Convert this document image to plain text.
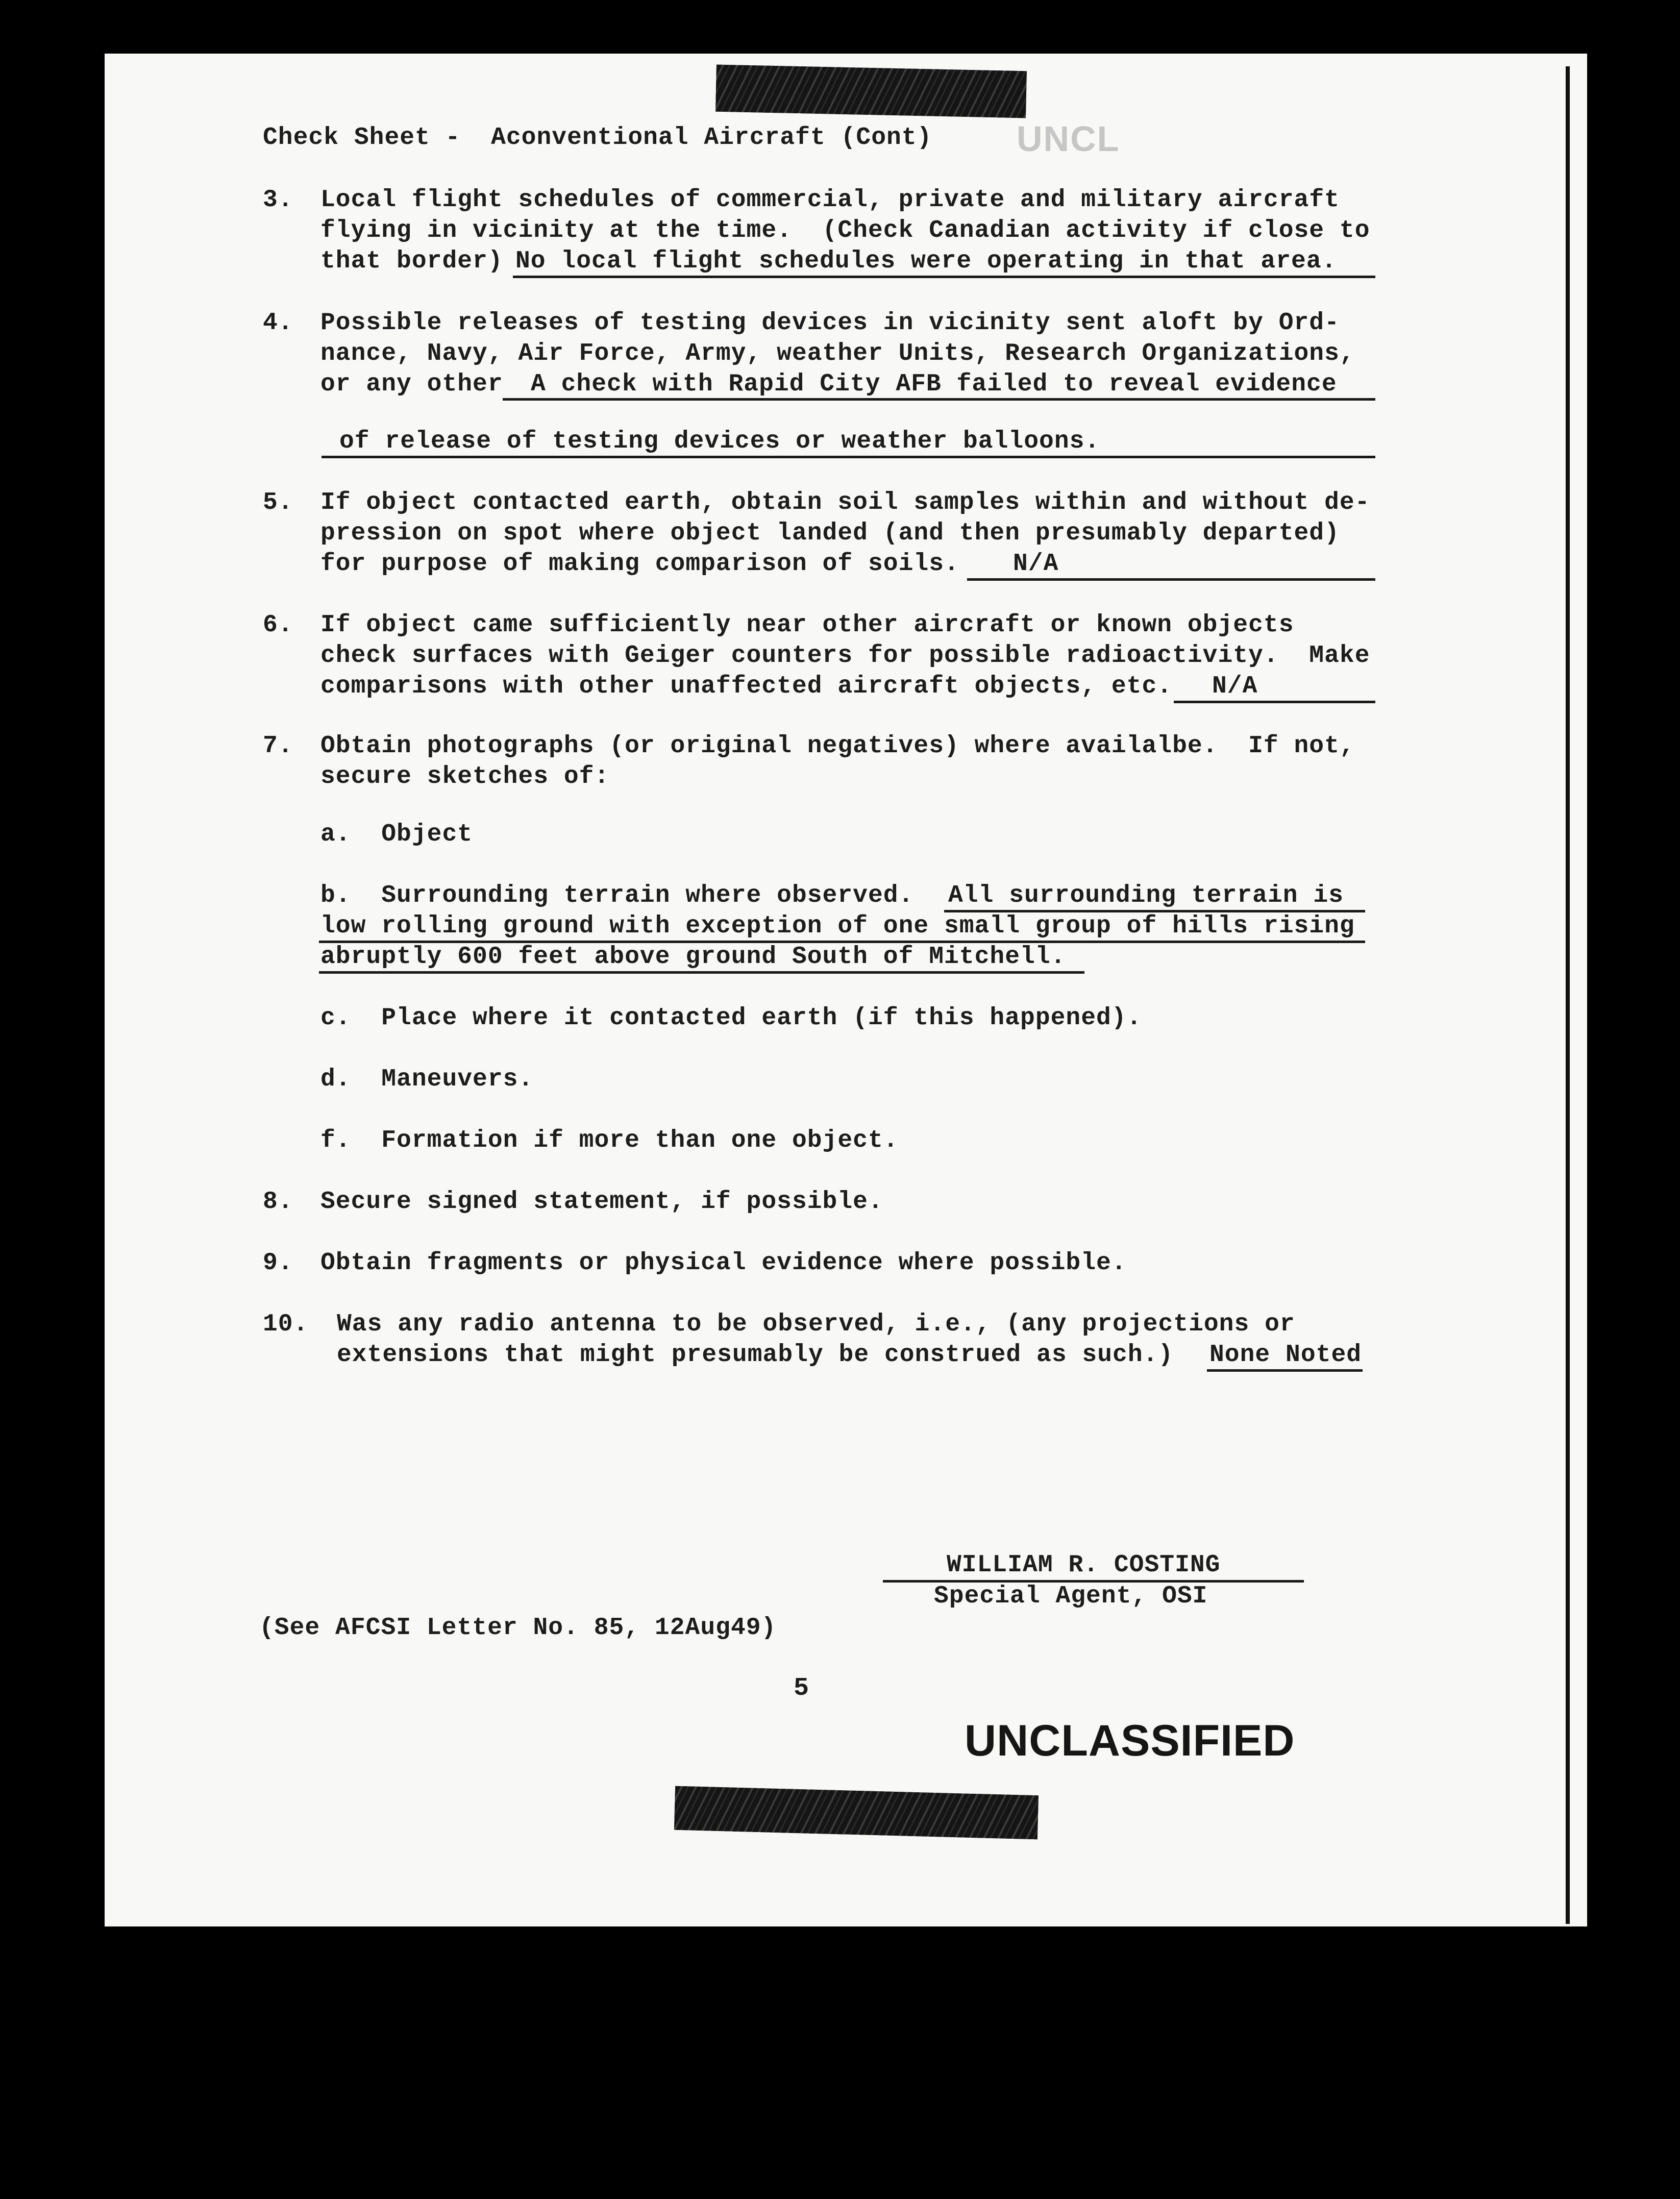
UNCL
Check Sheet -  Aconventional Aircraft (Cont)
3. Local flight schedules of commercial, private and military aircraft
flying in vicinity at the time.  (Check Canadian activity if close to
that border) No local flight schedules were operating in that area.
4. Possible releases of testing devices in vicinity sent aloft by Ord-
nance, Navy, Air Force, Army, weather Units, Research Organizations,
or any other A check with Rapid City AFB failed to reveal evidence
of release of testing devices or weather balloons.
5. If object contacted earth, obtain soil samples within and without de-
pression on spot where object landed (and then presumably departed)
for purpose of making comparison of soils. N/A
6. If object came sufficiently near other aircraft or known objects
check surfaces with Geiger counters for possible radioactivity.  Make
comparisons with other unaffected aircraft objects, etc. N/A
7. Obtain photographs (or original negatives) where availalbe.  If not,
secure sketches of:
a.  Object
b.  Surrounding terrain where observed. All surrounding terrain is
low rolling ground with exception of one small group of hills rising
abruptly 600 feet above ground South of Mitchell.
c.  Place where it contacted earth (if this happened).
d.  Maneuvers.
f.  Formation if more than one object.
8. Secure signed statement, if possible.
9. Obtain fragments or physical evidence where possible.
10. Was any radio antenna to be observed, i.e., (any projections or
extensions that might presumably be construed as such.) None Noted
WILLIAM R. COSTING
Special Agent, OSI
(See AFCSI Letter No. 85, 12Aug49)
5
UNCLASSIFIED
